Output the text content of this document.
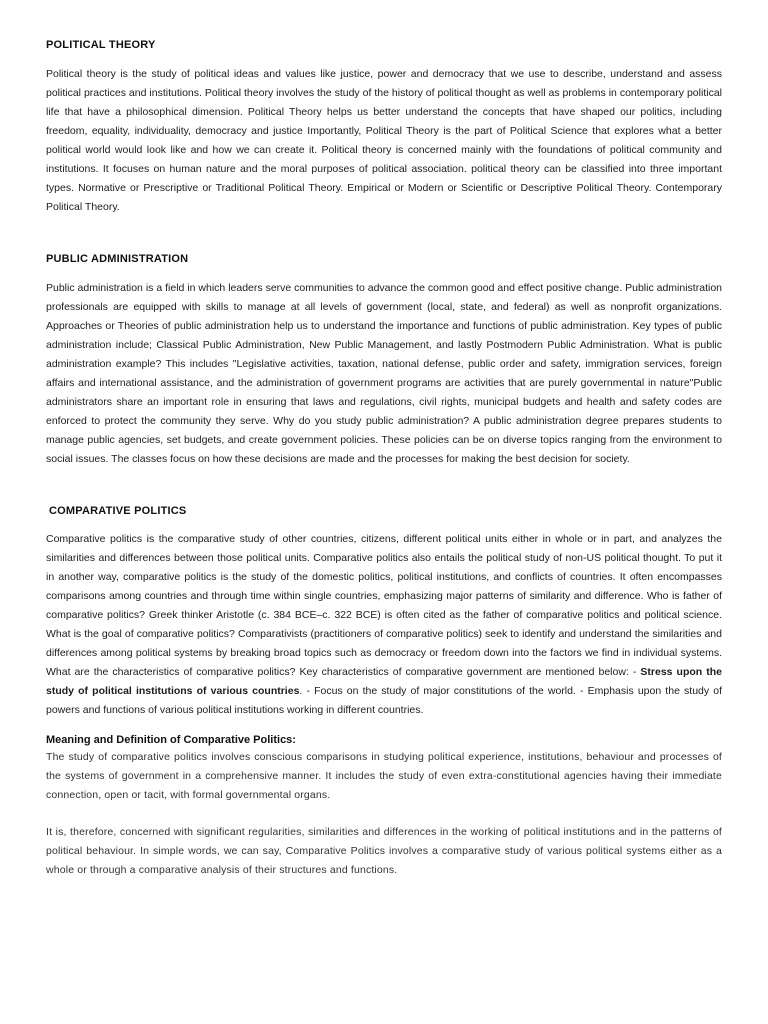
POLITICAL THEORY

Political theory is the study of political ideas and values like justice, power and democracy that we use to describe, understand and assess political practices and institutions. Political theory involves the study of the history of political thought as well as problems in contemporary political life that have a philosophical dimension. Political Theory helps us better understand the concepts that have shaped our politics, including freedom, equality, individuality, democracy and justice Importantly, Political Theory is the part of Political Science that explores what a better political world would look like and how we can create it. Political theory is concerned mainly with the foundations of political community and institutions. It focuses on human nature and the moral purposes of political association. political theory can be classified into three important types. Normative or Prescriptive or Traditional Political Theory. Empirical or Modern or Scientific or Descriptive Political Theory. Contemporary Political Theory.

PUBLIC ADMINISTRATION

Public administration is a field in which leaders serve communities to advance the common good and effect positive change. Public administration professionals are equipped with skills to manage at all levels of government (local, state, and federal) as well as nonprofit organizations. Approaches or Theories of public administration help us to understand the importance and functions of public administration. Key types of public administration include; Classical Public Administration, New Public Management, and lastly Postmodern Public Administration. What is public administration example? This includes "Legislative activities, taxation, national defense, public order and safety, immigration services, foreign affairs and international assistance, and the administration of government programs are activities that are purely governmental in nature"Public administrators share an important role in ensuring that laws and regulations, civil rights, municipal budgets and health and safety codes are enforced to protect the community they serve. Why do you study public administration? A public administration degree prepares students to manage public agencies, set budgets, and create government policies. These policies can be on diverse topics ranging from the environment to social issues. The classes focus on how these decisions are made and the processes for making the best decision for society.

COMPARATIVE POLITICS

Comparative politics is the comparative study of other countries, citizens, different political units either in whole or in part, and analyzes the similarities and differences between those political units. Comparative politics also entails the political study of non-US political thought. To put it in another way, comparative politics is the study of the domestic politics, political institutions, and conflicts of countries. It often encompasses comparisons among countries and through time within single countries, emphasizing major patterns of similarity and difference. Who is father of comparative politics? Greek thinker Aristotle (c. 384 BCE–c. 322 BCE) is often cited as the father of comparative politics and political science. What is the goal of comparative politics? Comparativists (practitioners of comparative politics) seek to identify and understand the similarities and differences among political systems by breaking broad topics such as democracy or freedom down into the factors we find in individual systems. What are the characteristics of comparative politics? Key characteristics of comparative government are mentioned below: - Stress upon the study of political institutions of various countries. - Focus on the study of major constitutions of the world. - Emphasis upon the study of powers and functions of various political institutions working in different countries.

Meaning and Definition of Comparative Politics:

The study of comparative politics involves conscious comparisons in studying political experience, institutions, behaviour and processes of the systems of government in a comprehensive manner. It includes the study of even extra-constitutional agencies having their immediate connection, open or tacit, with formal governmental organs.

It is, therefore, concerned with significant regularities, similarities and differences in the working of political institutions and in the patterns of political behaviour. In simple words, we can say, Comparative Politics involves a comparative study of various political systems either as a whole or through a comparative analysis of their structures and functions.
